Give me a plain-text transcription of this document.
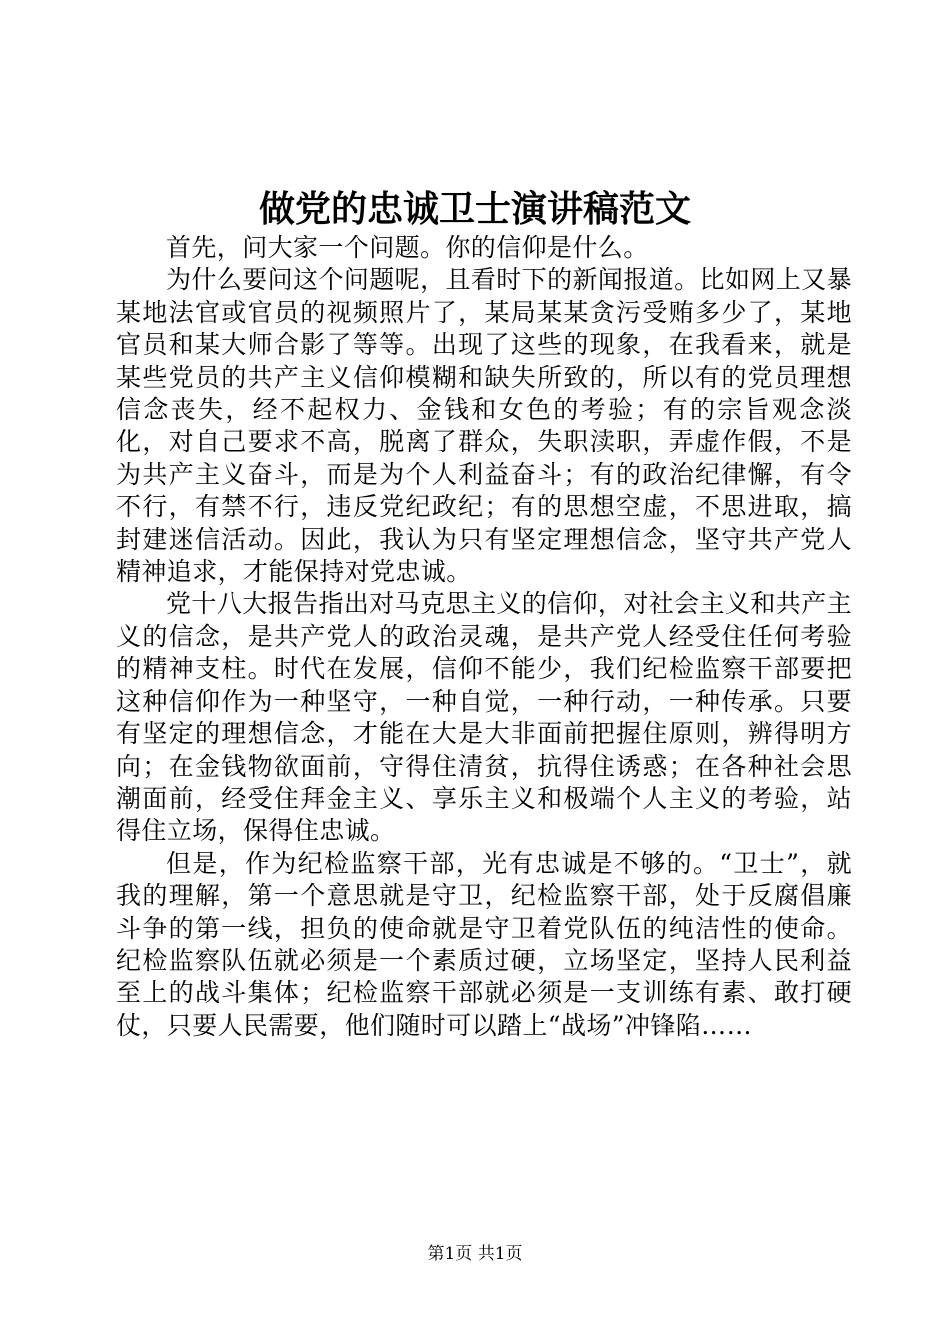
做党的忠诚卫士演讲稿范文

首先，问大家一个问题。你的信仰是什么。

为什么要问这个问题呢，且看时下的新闻报道。比如网上又暴某地法官或官员的视频照片了，某局某某贪污受贿多少了，某地官员和某大师合影了等等。出现了这些的现象，在我看来，就是某些党员的共产主义信仰模糊和缺失所致的，所以有的党员理想信念丧失，经不起权力、金钱和女色的考验；有的宗旨观念淡化，对自己要求不高，脱离了群众，失职渎职，弄虚作假，不是为共产主义奋斗，而是为个人利益奋斗；有的政治纪律懈，有令不行，有禁不行，违反党纪政纪；有的思想空虚，不思进取，搞封建迷信活动。因此，我认为只有坚定理想信念，坚守共产党人精神追求，才能保持对党忠诚。

党十八大报告指出对马克思主义的信仰，对社会主义和共产主义的信念，是共产党人的政治灵魂，是共产党人经受住任何考验的精神支柱。时代在发展，信仰不能少，我们纪检监察干部要把这种信仰作为一种坚守，一种自觉，一种行动，一种传承。只要有坚定的理想信念，才能在大是大非面前把握住原则，辨得明方向；在金钱物欲面前，守得住清贫，抗得住诱惑；在各种社会思潮面前，经受住拜金主义、享乐主义和极端个人主义的考验，站得住立场，保得住忠诚。

但是，作为纪检监察干部，光有忠诚是不够的。“卫士”，就我的理解，第一个意思就是守卫，纪检监察干部，处于反腐倡廉斗争的第一线，担负的使命就是守卫着党队伍的纯洁性的使命。纪检监察队伍就必须是一个素质过硬，立场坚定，坚持人民利益至上的战斗集体；纪检监察干部就必须是一支训练有素、敢打硬仗，只要人民需要，他们随时可以踏上“战场”冲锋陷……

第1页 共1页
